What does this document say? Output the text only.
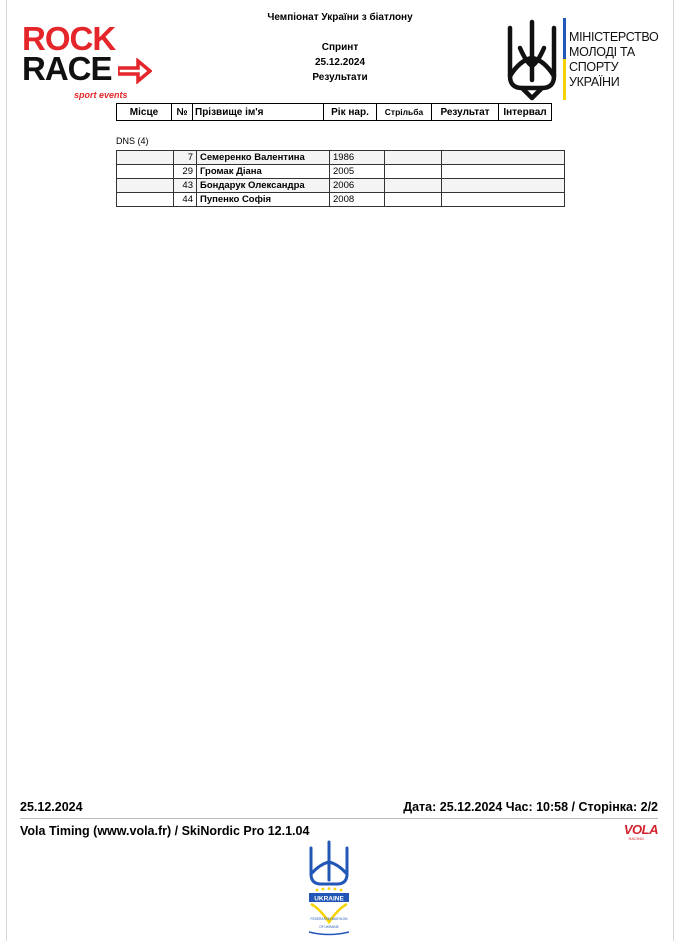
ROCK
RACE
sport events
Чемпіонат України з біатлону
Спринт
25.12.2024
Результати
МІНІСТЕРСТВО
МОЛОДІ ТА СПОРТУ
УКРАЇНИ
Місце	№	Прізвище ім'я	Рік нар.	Стрільба	Результат	Інтервал
DNS (4)
	7	Семеренко Валентина	1986		
	29	Громак Діана	2005		
	43	Бондарук Олександра	2006		
	44	Пупенко Софія	2008		
25.12.2024	Дата: 25.12.2024 Час: 10:58 / Сторінка: 2/2
Vola Timing (www.vola.fr) / SkiNordic Pro 12.1.04	VOLA
RACING
UKRAINE
FEDERATION BIATHLON
OF UKRAINE
